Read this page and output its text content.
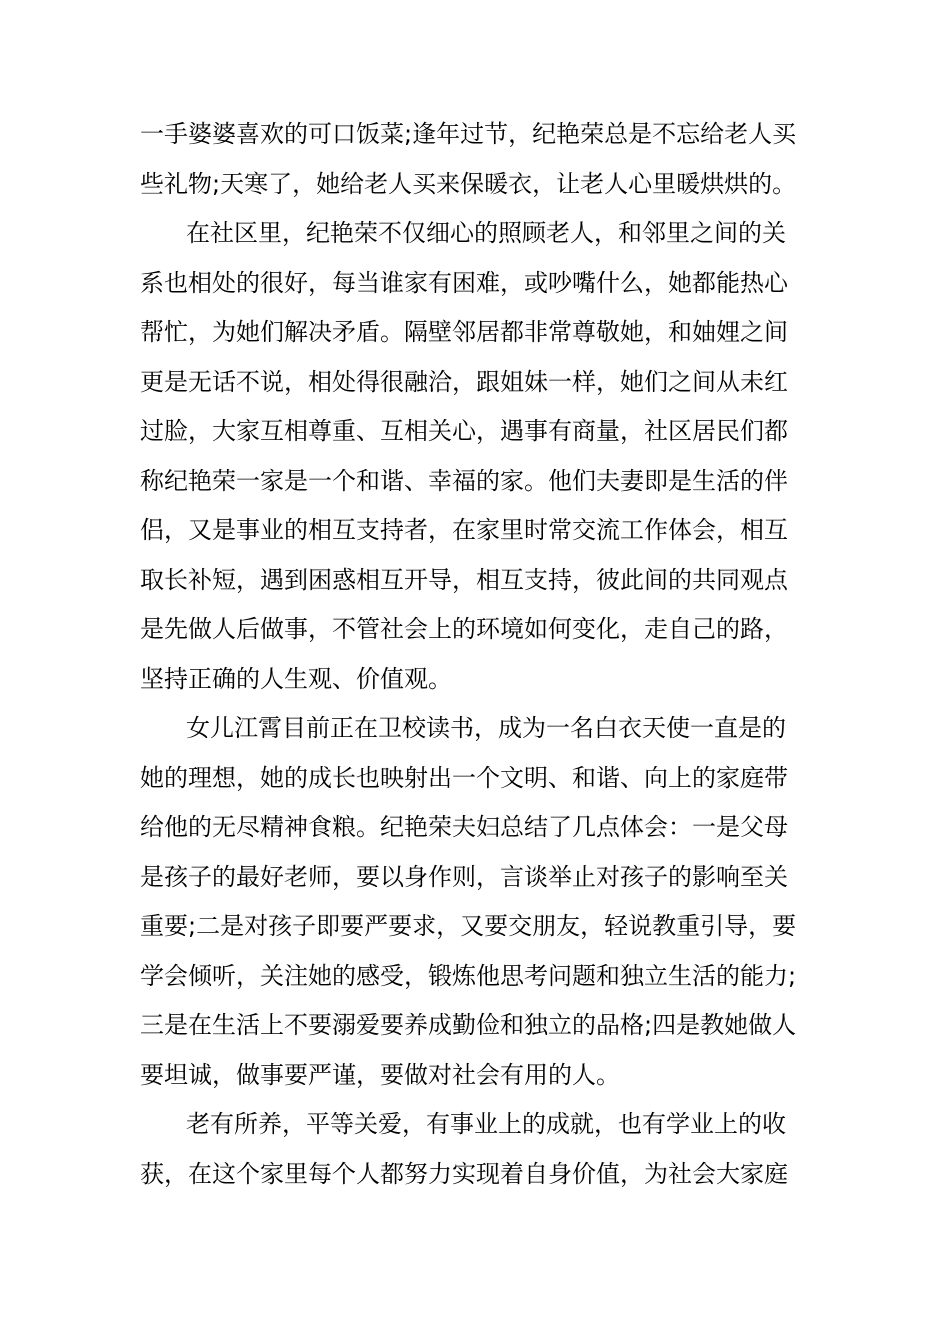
一手婆婆喜欢的可口饭菜;逢年过节，纪艳荣总是不忘给老人买
些礼物;天寒了，她给老人买来保暖衣，让老人心里暖烘烘的。
在社区里，纪艳荣不仅细心的照顾老人，和邻里之间的关
系也相处的很好，每当谁家有困难，或吵嘴什么，她都能热心
帮忙，为她们解决矛盾。隔壁邻居都非常尊敬她，和妯娌之间
更是无话不说，相处得很融洽，跟姐妹一样，她们之间从未红
过脸，大家互相尊重、互相关心，遇事有商量，社区居民们都
称纪艳荣一家是一个和谐、幸福的家。他们夫妻即是生活的伴
侣，又是事业的相互支持者，在家里时常交流工作体会，相互
取长补短，遇到困惑相互开导，相互支持，彼此间的共同观点
是先做人后做事，不管社会上的环境如何变化，走自己的路，
坚持正确的人生观、价值观。
女儿江霄目前正在卫校读书，成为一名白衣天使一直是的
她的理想，她的成长也映射出一个文明、和谐、向上的家庭带
给他的无尽精神食粮。纪艳荣夫妇总结了几点体会：一是父母
是孩子的最好老师，要以身作则，言谈举止对孩子的影响至关
重要;二是对孩子即要严要求，又要交朋友，轻说教重引导，要
学会倾听，关注她的感受，锻炼他思考问题和独立生活的能力;
三是在生活上不要溺爱要养成勤俭和独立的品格;四是教她做人
要坦诚，做事要严谨，要做对社会有用的人。
老有所养，平等关爱，有事业上的成就，也有学业上的收
获，在这个家里每个人都努力实现着自身价值，为社会大家庭
